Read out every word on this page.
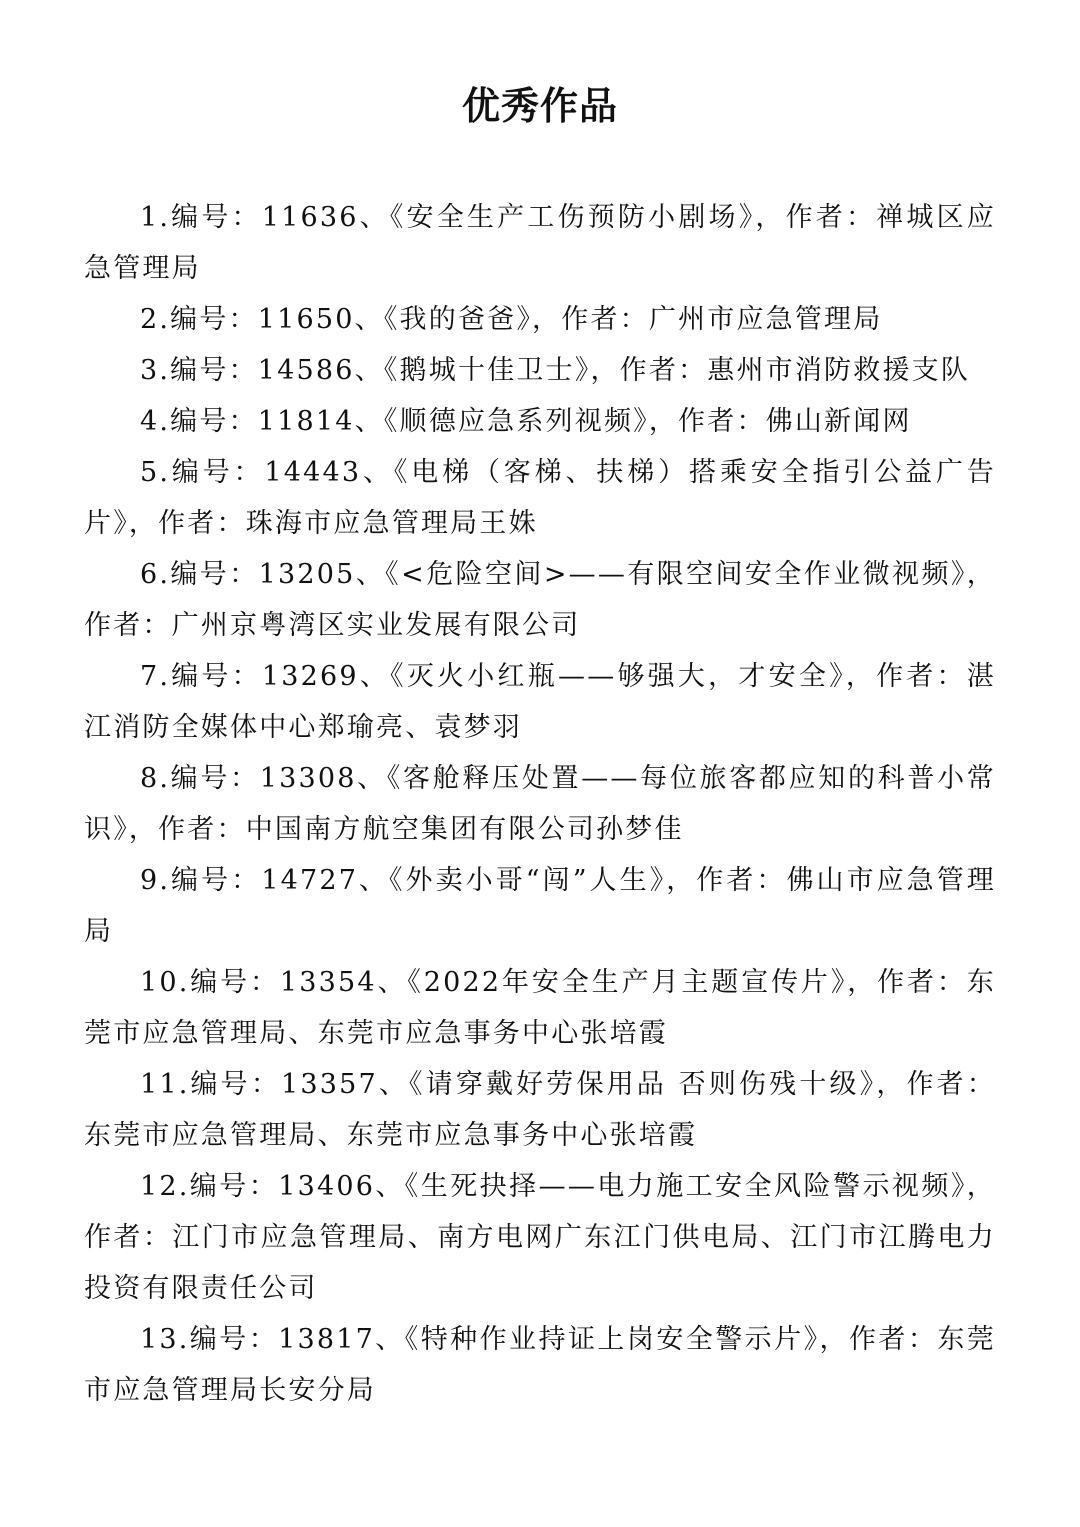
优秀作品
1.编号：11636、《安全生产工伤预防小剧场》，作者：禅城区应急管理局
2.编号：11650、《我的爸爸》，作者：广州市应急管理局
3.编号：14586、《鹅城十佳卫士》，作者：惠州市消防救援支队
4.编号：11814、《顺德应急系列视频》，作者：佛山新闻网
5.编号：14443、《电梯（客梯、扶梯）搭乘安全指引公益广告片》，作者：珠海市应急管理局王姝
6.编号：13205、《<危险空间>——有限空间安全作业微视频》，作者：广州京粤湾区实业发展有限公司
7.编号：13269、《灭火小红瓶——够强大，才安全》，作者：湛江消防全媒体中心郑瑜亮、袁梦羽
8.编号：13308、《客舱释压处置——每位旅客都应知的科普小常识》，作者：中国南方航空集团有限公司孙梦佳
9.编号：14727、《外卖小哥“闯”人生》，作者：佛山市应急管理局
10.编号：13354、《2022年安全生产月主题宣传片》，作者：东莞市应急管理局、东莞市应急事务中心张培霞
11.编号：13357、《请穿戴好劳保用品 否则伤残十级》，作者：东莞市应急管理局、东莞市应急事务中心张培霞
12.编号：13406、《生死抉择——电力施工安全风险警示视频》，作者：江门市应急管理局、南方电网广东江门供电局、江门市江腾电力投资有限责任公司
13.编号：13817、《特种作业持证上岗安全警示片》，作者：东莞市应急管理局长安分局
